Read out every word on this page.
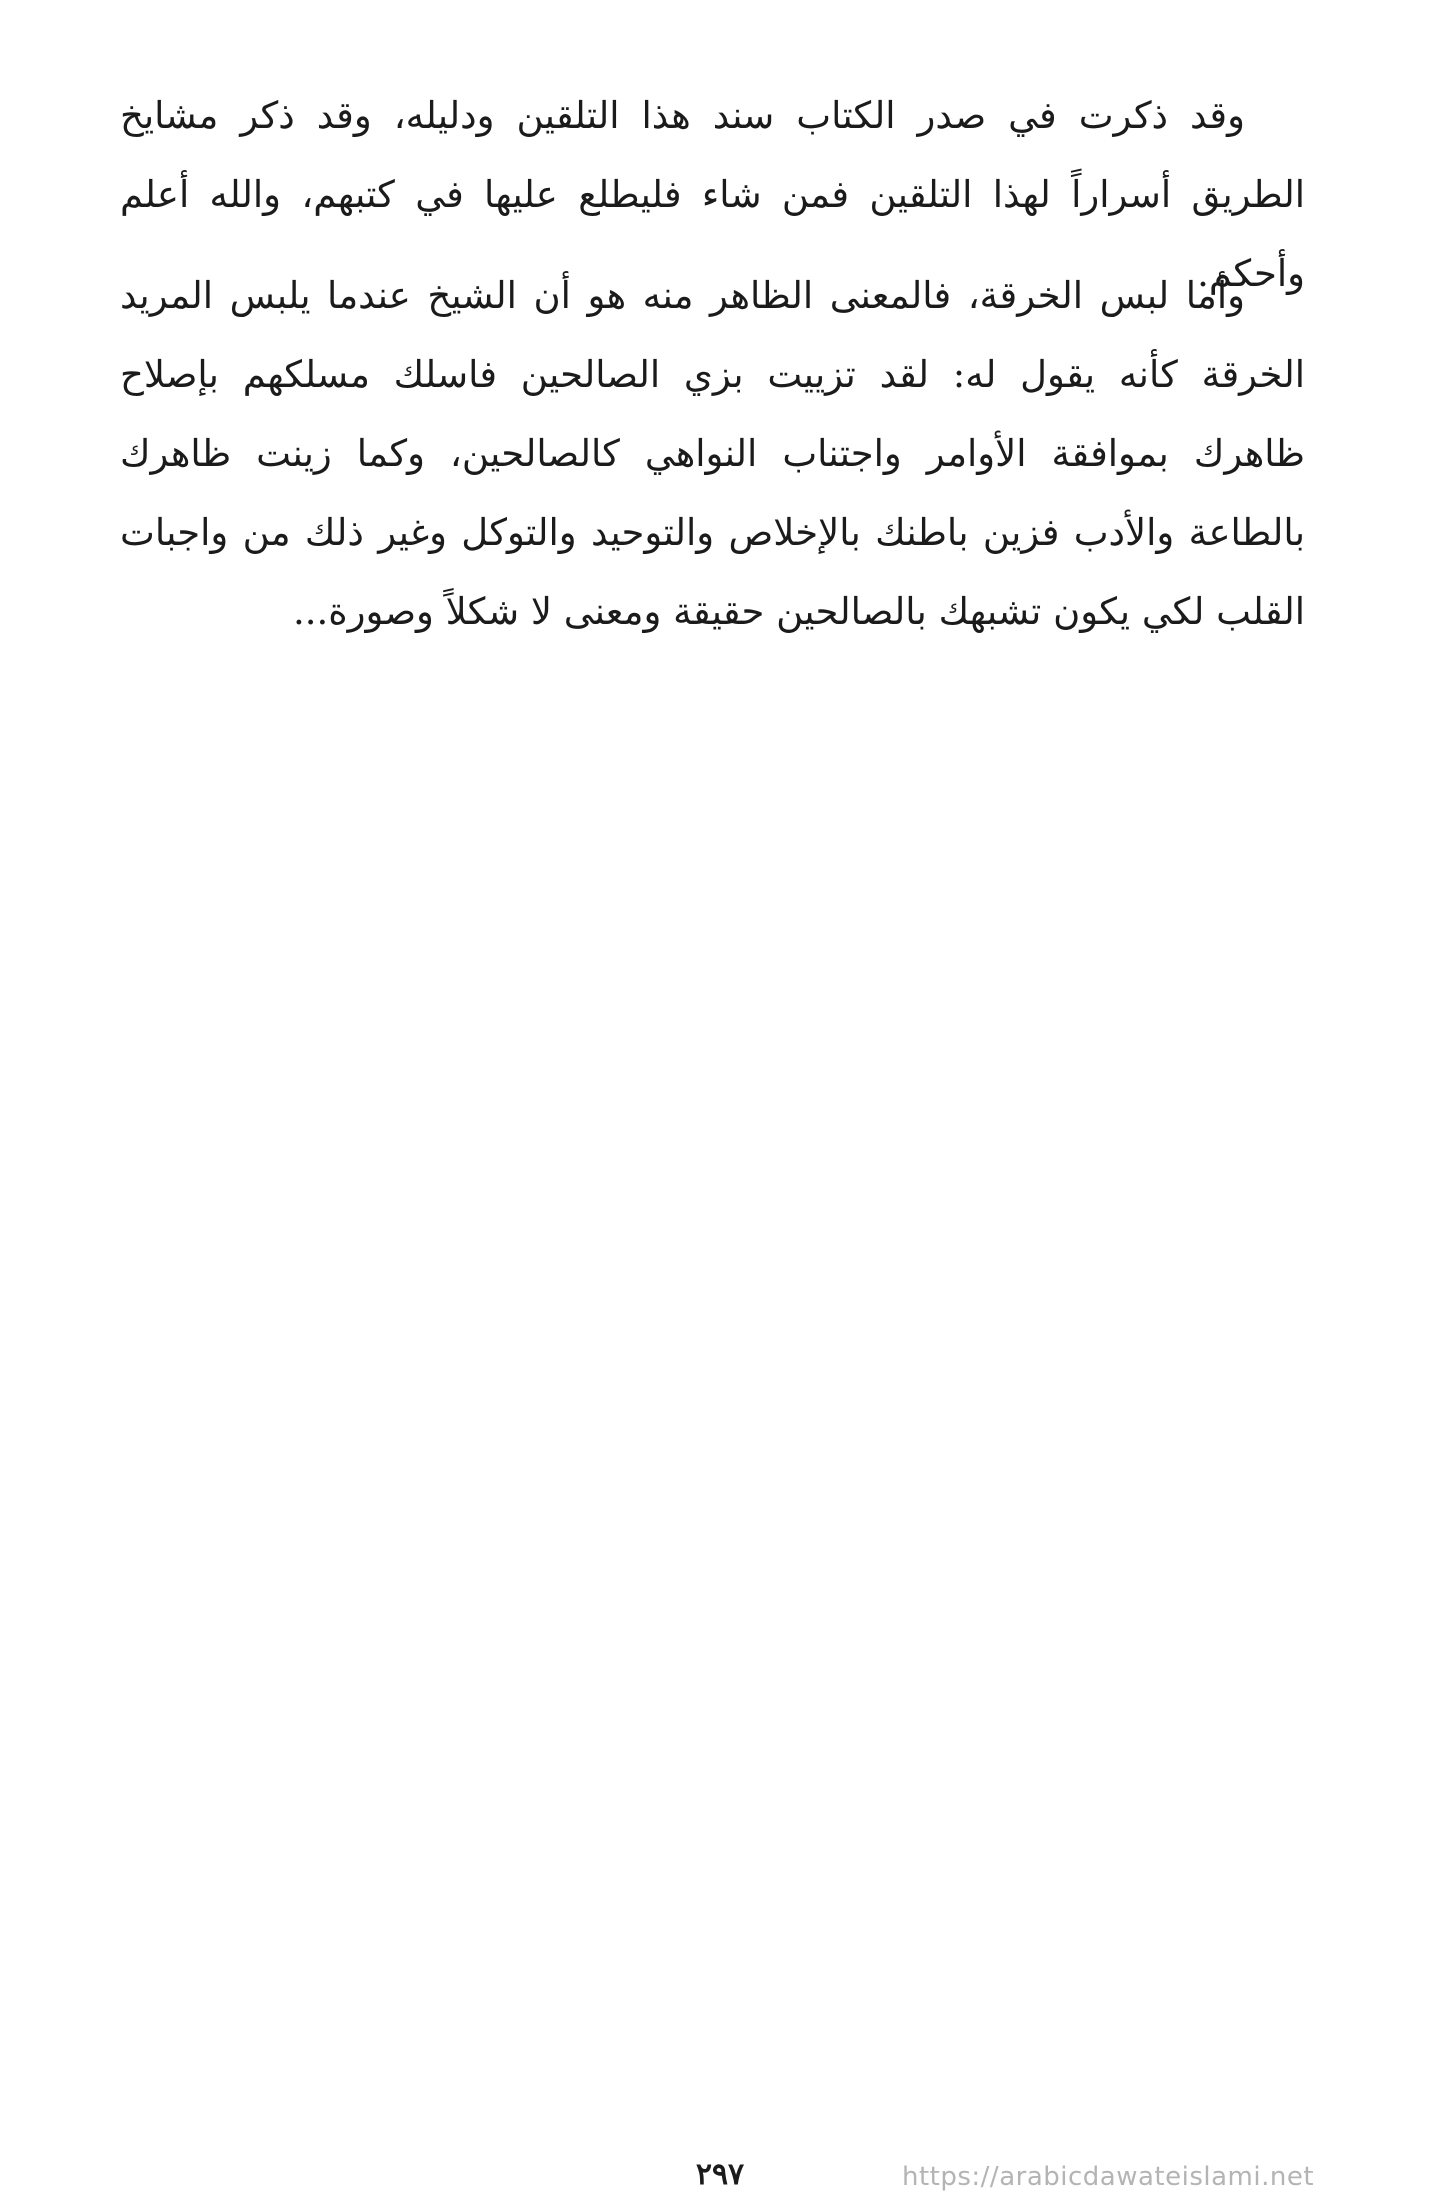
وقد ذكرت في صدر الكتاب سند هذا التلقين ودليله، وقد ذكر مشايخ الطريق أسراراً لهذا التلقين فمن شاء فليطلع عليها في كتبهم، والله أعلم وأحكم.

وأما لبس الخرقة، فالمعنى الظاهر منه هو أن الشيخ عندما يلبس المريد الخرقة كأنه يقول له: لقد تزييت بزي الصالحين فاسلك مسلكهم بإصلاح ظاهرك بموافقة الأوامر واجتناب النواهي كالصالحين، وكما زينت ظاهرك بالطاعة والأدب فزين باطنك بالإخلاص والتوحيد والتوكل وغير ذلك من واجبات القلب لكي يكون تشبهك بالصالحين حقيقة ومعنى لا شكلاً وصورة...

٢٩٧	https://arabicdawateislami.net
